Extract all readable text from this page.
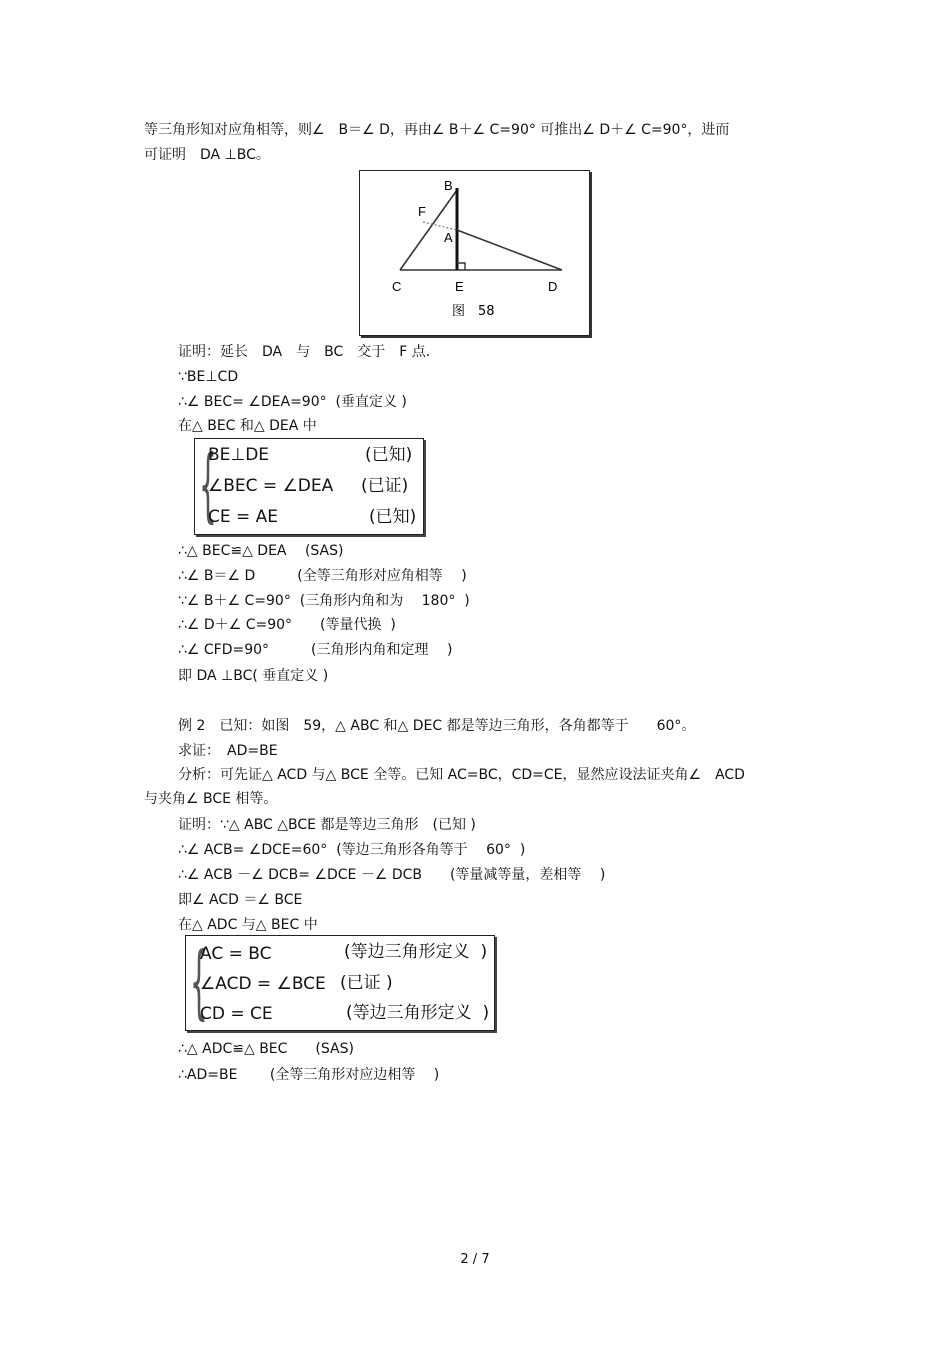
等三角形知对应角相等，则∠　B＝∠ D，再由∠ B＋∠ C=90° 可推出∠ D＋∠ C=90°，进而
可证明　DA ⊥BC。
B
F
A
C	E	D
图　58
证明：延长　DA　与　BC　交于　F 点．
∵BE⊥CD
∴∠ BEC= ∠DEA=90°  (垂直定义 )
在△ BEC 和△ DEA 中
{
BE⊥DE	(已知)
∠BEC = ∠DEA (已证)
CE = AE	(已知)
∴△ BEC≌△ DEA　 (SAS)
∴∠ B＝∠ D　　　(全等三角形对应角相等　 )
∵∠ B＋∠ C=90°  (三角形内角和为　 180°  )
∴∠ D＋∠ C=90°　　(等量代换  )
∴∠ CFD=90°　　　(三角形内角和定理　 )
即 DA ⊥BC( 垂直定义 )
例 2　已知：如图　59，△ ABC 和△ DEC 都是等边三角形，各角都等于　　60°。
求证：　AD=BE
分析：可先证△ ACD 与△ BCE 全等。已知 AC=BC，CD=CE，显然应设法证夹角∠　ACD
与夹角∠ BCE 相等。
证明：∵△ ABC △BCE 都是等边三角形　(已知 )
∴∠ ACB= ∠DCE=60°  (等边三角形各角等于　 60°  )
∴∠ ACB －∠ DCB= ∠DCE －∠ DCB　　(等量减等量，差相等　 )
即∠ ACD ＝∠ BCE
在△ ADC 与△ BEC 中
{
AC = BC	(等边三角形定义  )
∠ACD = ∠BCE (已证 )
CD = CE	(等边三角形定义  )
∴△ ADC≌△ BEC　　(SAS)
∴AD=BE　　 (全等三角形对应边相等　 )
2 / 7
